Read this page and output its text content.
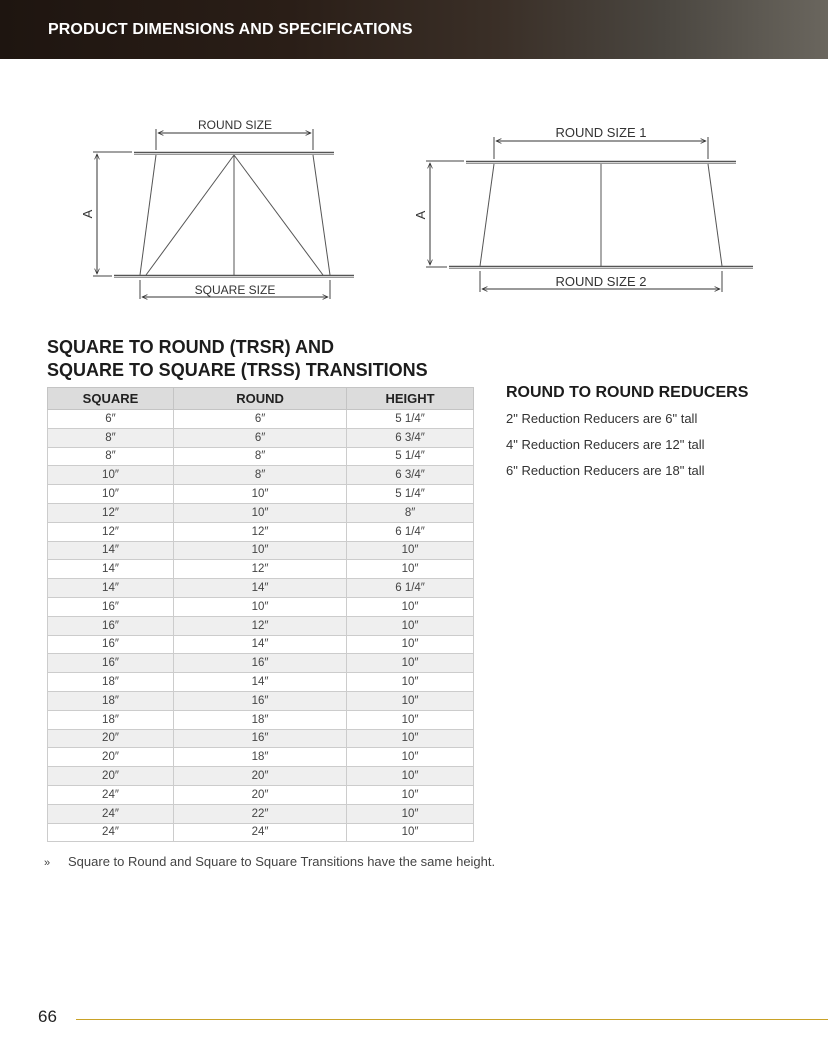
PRODUCT DIMENSIONS AND SPECIFICATIONS
ROUND SIZE
SQUARE SIZE
A
ROUND SIZE 1
ROUND SIZE 2
A
SQUARE TO ROUND (TRSR) AND
SQUARE TO SQUARE (TRSS) TRANSITIONS
SQUARE	ROUND	HEIGHT
6″	6″	5 1/4″
8″	6″	6 3/4″
8″	8″	5 1/4″
10″	8″	6 3/4″
10″	10″	5 1/4″
12″	10″	8″
12″	12″	6 1/4″
14″	10″	10″
14″	12″	10″
14″	14″	6 1/4″
16″	10″	10″
16″	12″	10″
16″	14″	10″
16″	16″	10″
18″	14″	10″
18″	16″	10″
18″	18″	10″
20″	16″	10″
20″	18″	10″
20″	20″	10″
24″	20″	10″
24″	22″	10″
24″	24″	10″
ROUND TO ROUND REDUCERS
2" Reduction Reducers are 6" tall
4" Reduction Reducers are 12" tall
6" Reduction Reducers are 18" tall
» Square to Round and Square to Square Transitions have the same height.
66
